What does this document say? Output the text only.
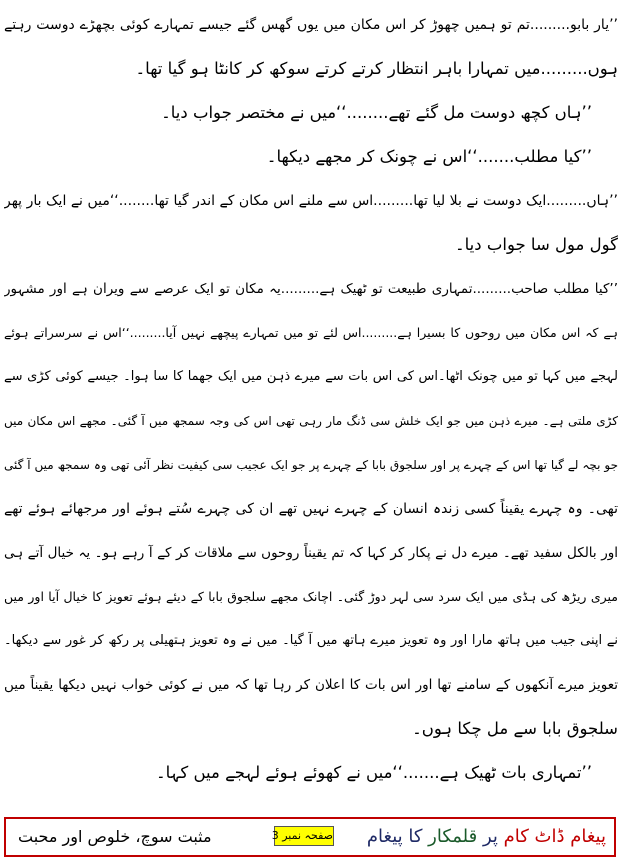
’’یار بابو.........تم تو ہمیں چھوڑ کر اس مکان میں یوں گھس گئے جیسے تمہارے کوئی بچھڑے دوست رہتے
ہوں.........میں تمہارا باہر انتظار کرتے کرتے سوکھ کر کانٹا ہو گیا تھا۔
’’ہاں کچھ دوست مل گئے تھے........‘‘میں نے مختصر جواب دیا۔
’’کیا مطلب.......‘‘اس نے چونک کر مجھے دیکھا۔
’’ہاں.........ایک دوست نے بلا لیا تھا.........اس سے ملنے اس مکان کے اندر گیا تھا........‘‘میں نے ایک بار پھر
گول مول سا جواب دیا۔
’’کیا مطلب صاحب.........تمہاری طبیعت تو ٹھیک ہے.........یہ مکان تو ایک عرصے سے ویران ہے اور مشہور
ہے کہ اس مکان میں روحوں کا بسیرا ہے.........اس لئے تو میں تمہارے پیچھے نہیں آیا.........‘‘اس نے سرسراتے ہوئے
لہجے میں کہا تو میں چونک اٹھا۔اس کی اس بات سے میرے ذہن میں ایک جھما کا سا ہوا۔ جیسے کوئی کڑی سے
کڑی ملتی ہے۔ میرے ذہن میں جو ایک خلش سی ڈنگ مار رہی تھی اس کی وجہ سمجھ میں آ گئی۔ مجھے اس مکان میں
جو بچہ لے گیا تھا اس کے چہرے پر اور سلجوق بابا کے چہرے پر جو ایک عجیب سی کیفیت نظر آئی تھی وہ سمجھ میں آ گئی
تھی۔ وہ چہرے یقیناً کسی زندہ انسان کے چہرے نہیں تھے ان کی چہرے سُتے ہوئے اور مرجھائے ہوئے تھے
اور بالکل سفید تھے۔ میرے دل نے پکار کر کہا کہ تم یقیناً روحوں سے ملاقات کر کے آ رہے ہو۔ یہ خیال آتے ہی
میری ریڑھ کی ہڈی میں ایک سرد سی لہر دوڑ گئی۔ اچانک مجھے سلجوق بابا کے دیئے ہوئے تعویز کا خیال آیا اور میں
نے اپنی جیب میں ہاتھ مارا اور وہ تعویز میرے ہاتھ میں آ گیا۔ میں نے وہ تعویز ہتھیلی پر رکھ کر غور سے دیکھا۔
تعویز میرے آنکھوں کے سامنے تھا اور اس بات کا اعلان کر رہا تھا کہ میں نے کوئی خواب نہیں دیکھا یقیناً میں
سلجوق بابا سے مل چکا ہوں۔
’’تمہاری بات ٹھیک ہے.......‘‘میں نے کھوئے ہوئے لہجے میں کہا۔
پیغام ڈاٹ کام پر قلمکار کا پیغام
صفحہ نمبر 3
مثبت سوچ، خلوص اور محبت
